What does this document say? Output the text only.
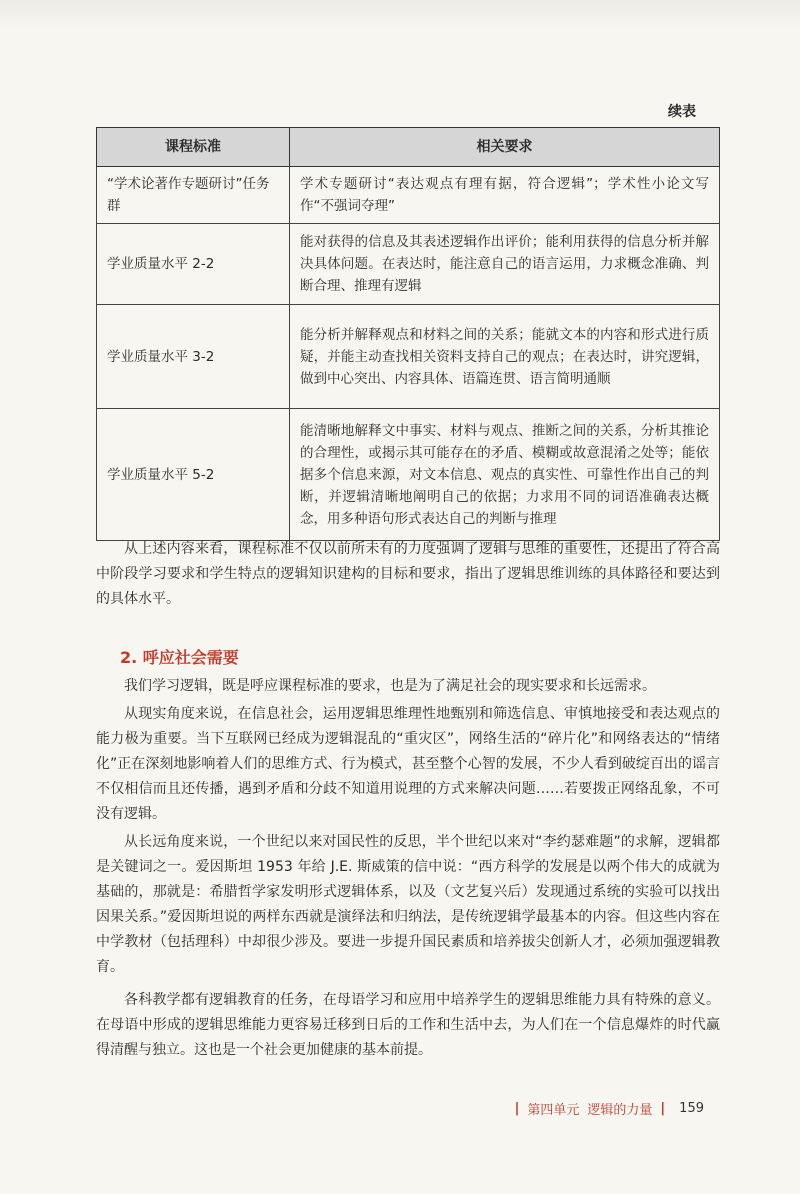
续表
课程标准	相关要求
“学术论著作专题研讨”任务群	学术专题研讨“表达观点有理有据，符合逻辑”；学术性小论文写作“不强词夺理”
学业质量水平 2-2	能对获得的信息及其表述逻辑作出评价；能利用获得的信息分析并解决具体问题。在表达时，能注意自己的语言运用，力求概念准确、判断合理、推理有逻辑
学业质量水平 3-2	能分析并解释观点和材料之间的关系；能就文本的内容和形式进行质疑，并能主动查找相关资料支持自己的观点；在表达时，讲究逻辑，做到中心突出、内容具体、语篇连贯、语言简明通顺
学业质量水平 5-2	能清晰地解释文中事实、材料与观点、推断之间的关系，分析其推论的合理性，或揭示其可能存在的矛盾、模糊或故意混淆之处等；能依据多个信息来源，对文本信息、观点的真实性、可靠性作出自己的判断，并逻辑清晰地阐明自己的依据；力求用不同的词语准确表达概念，用多种语句形式表达自己的判断与推理

从上述内容来看，课程标准不仅以前所未有的力度强调了逻辑与思维的重要性，还提出了符合高中阶段学习要求和学生特点的逻辑知识建构的目标和要求，指出了逻辑思维训练的具体路径和要达到的具体水平。

2. 呼应社会需要

我们学习逻辑，既是呼应课程标准的要求，也是为了满足社会的现实要求和长远需求。

从现实角度来说，在信息社会，运用逻辑思维理性地甄别和筛选信息、审慎地接受和表达观点的能力极为重要。当下互联网已经成为逻辑混乱的“重灾区”，网络生活的“碎片化”和网络表达的“情绪化”正在深刻地影响着人们的思维方式、行为模式，甚至整个心智的发展，不少人看到破绽百出的谣言不仅相信而且还传播，遇到矛盾和分歧不知道用说理的方式来解决问题……若要拨正网络乱象，不可没有逻辑。

从长远角度来说，一个世纪以来对国民性的反思，半个世纪以来对“李约瑟难题”的求解，逻辑都是关键词之一。爱因斯坦 1953 年给 J.E. 斯威策的信中说：“西方科学的发展是以两个伟大的成就为基础的，那就是：希腊哲学家发明形式逻辑体系，以及（文艺复兴后）发现通过系统的实验可以找出因果关系。”爱因斯坦说的两样东西就是演绎法和归纳法，是传统逻辑学最基本的内容。但这些内容在中学教材（包括理科）中却很少涉及。要进一步提升国民素质和培养拔尖创新人才，必须加强逻辑教育。

各科教学都有逻辑教育的任务，在母语学习和应用中培养学生的逻辑思维能力具有特殊的意义。在母语中形成的逻辑思维能力更容易迁移到日后的工作和生活中去，为人们在一个信息爆炸的时代赢得清醒与独立。这也是一个社会更加健康的基本前提。

| 第四单元 逻辑的力量 | 159
